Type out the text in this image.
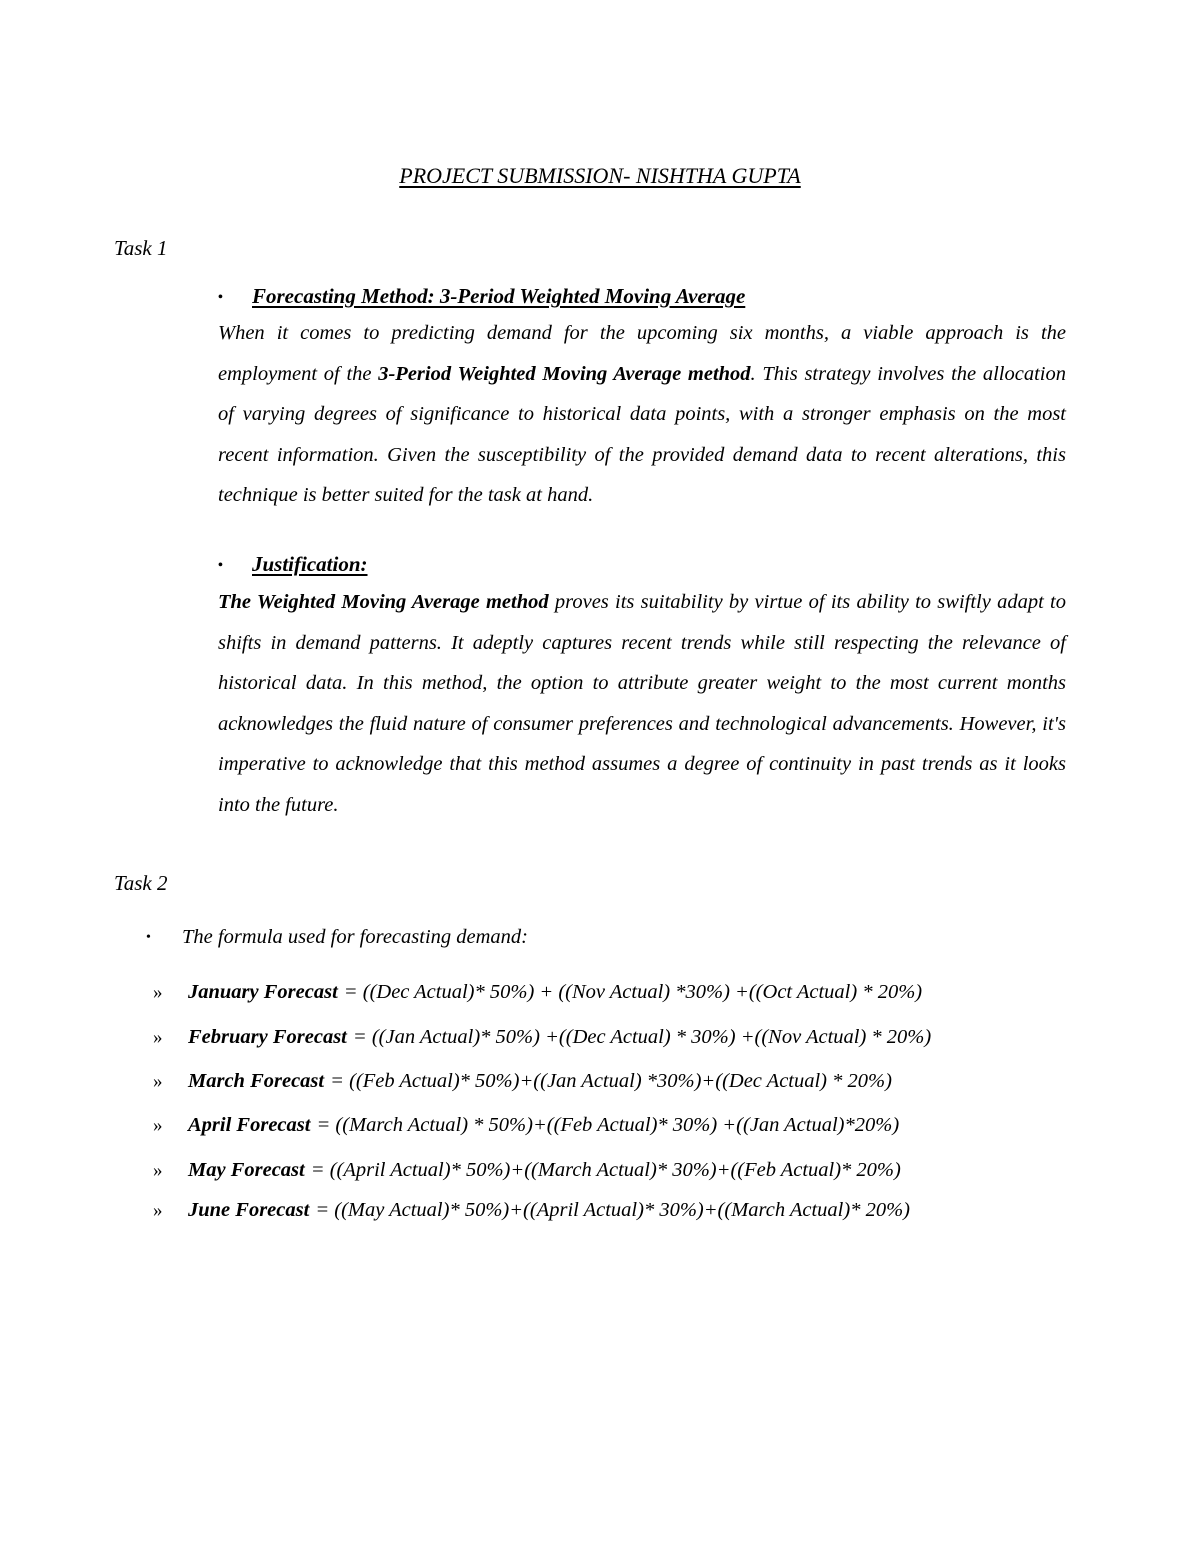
PROJECT SUBMISSION- NISHTHA GUPTA
Task 1
•	Forecasting Method: 3-Period Weighted Moving Average

When it comes to predicting demand for the upcoming six months, a viable approach is the employment of the 3-Period Weighted Moving Average method. This strategy involves the allocation of varying degrees of significance to historical data points, with a stronger emphasis on the most recent information. Given the susceptibility of the provided demand data to recent alterations, this technique is better suited for the task at hand.

•	Justification:

The Weighted Moving Average method proves its suitability by virtue of its ability to swiftly adapt to shifts in demand patterns. It adeptly captures recent trends while still respecting the relevance of historical data. In this method, the option to attribute greater weight to the most current months acknowledges the fluid nature of consumer preferences and technological advancements. However, it's imperative to acknowledge that this method assumes a degree of continuity in past trends as it looks into the future.

Task 2
•	The formula used for forecasting demand:
»	January Forecast = ((Dec Actual)* 50%) + ((Nov Actual) *30%) +((Oct Actual) * 20%)
»	February Forecast = ((Jan Actual)* 50%) +((Dec Actual) * 30%) +((Nov Actual) * 20%)
»	March Forecast = ((Feb Actual)* 50%)+((Jan Actual) *30%)+((Dec Actual) * 20%)
»	April Forecast = ((March Actual) * 50%)+((Feb Actual)* 30%) +((Jan Actual)*20%)
»	May Forecast = ((April Actual)* 50%)+((March Actual)* 30%)+((Feb Actual)* 20%)
»	June Forecast = ((May Actual)* 50%)+((April Actual)* 30%)+((March Actual)* 20%)
